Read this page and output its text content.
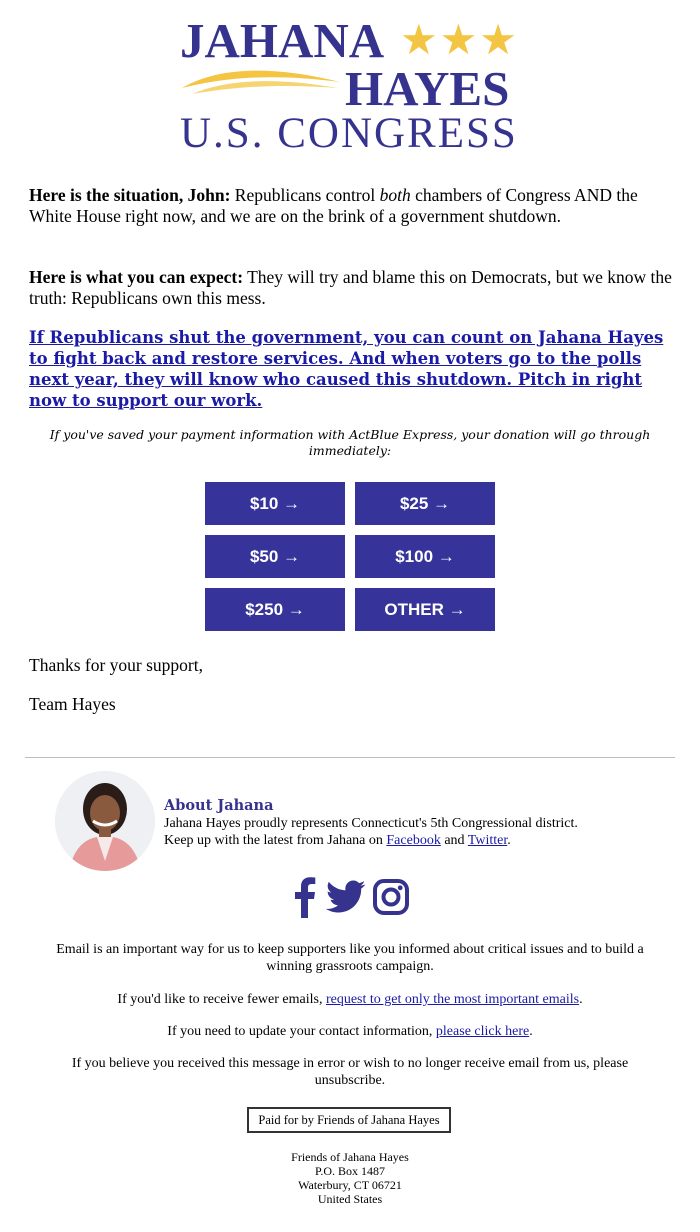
JAHANA ★★★
HAYES
U.S. CONGRESS

Here is the situation, John: Republicans control both chambers of Congress AND the White House right now, and we are on the brink of a government shutdown.

Here is what you can expect: They will try and blame this on Democrats, but we know the truth: Republicans own this mess.

If Republicans shut the government, you can count on Jahana Hayes to fight back and restore services. And when voters go to the polls next year, they will know who caused this shutdown. Pitch in right now to support our work.
If you've saved your payment information with ActBlue Express, your donation will go through immediately:
$10 →	$25 →
$50 →	$100 →
$250 →	OTHER →
Thanks for your support,
Team Hayes
About Jahana
Jahana Hayes proudly represents Connecticut's 5th Congressional district.
Keep up with the latest from Jahana on Facebook and Twitter.
Email is an important way for us to keep supporters like you informed about critical issues and to build a winning grassroots campaign.
If you'd like to receive fewer emails, request to get only the most important emails.
If you need to update your contact information, please click here.
If you believe you received this message in error or wish to no longer receive email from us, please unsubscribe.
Paid for by Friends of Jahana Hayes
Friends of Jahana Hayes
P.O. Box 1487
Waterbury, CT 06721
United States
